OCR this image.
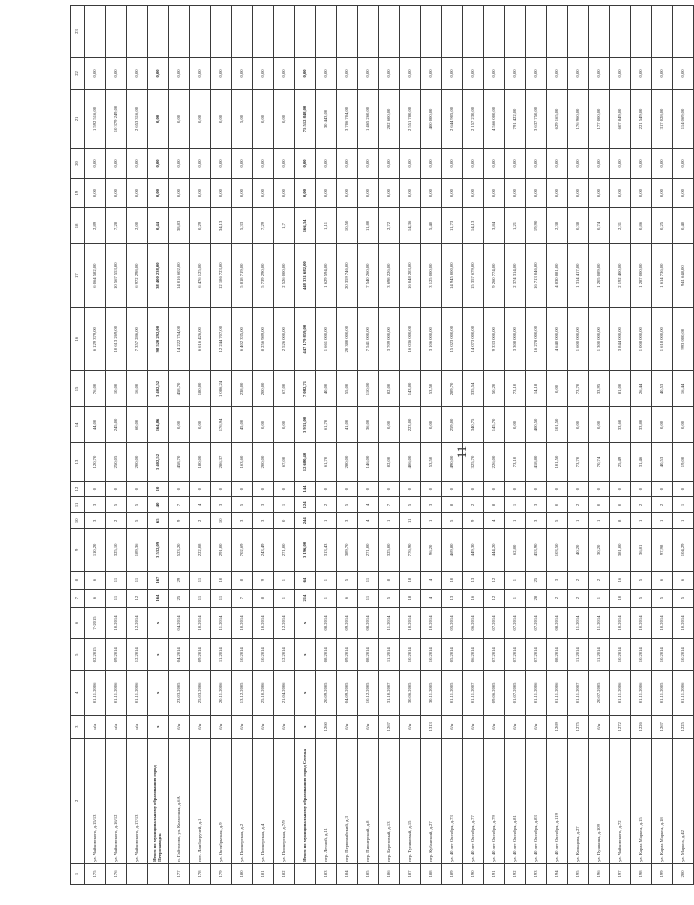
11
1	2	3	4	5	6	7	8	9	10	11	12	13	14	15	16	17	18	19	20	21	22	23
175	ул. Чайковского, д.15/13	н/а	01.11.2006	02.2015	7-2015	6	6	110,20	3	3	0	120,70	44,00	76,00	6 129 379,00	6 064 582,00	2,89	0,00	0,00	1 592 516,00	0,00	
176	ул. Чайковского, д.16/12	н/а	01.11.2006	09.2014	10.2014	11	11	325,10	2	5	0	250,05	245,00	10,00	10 613 269,00	10 567 553,00	7,28	0,00	0,00	10 379 249,00	0,00	
	ул. Чайковского, д.17/13	н/а	01.11.2006	12.2014	12.2014	12	11	189,36	5	5	0	200,00	60,00	16,00	7 357 286,00	6 972 298,00	2,00	0,00	0,00	2 653 316,00	0,00	
	Итого по муниципальному образованию город Петрозаводск	x	x	x	x	164	167	3 532,09	65	40	10	3 402,52	164,86	3 402,52	98 520 292,00	38 400 238,00	0,44	0,00	0,00	0,00	0,00	
177	п. Гайтолово, ул. Колхозная, д.6А	б/н	23.03.2005	04.2014	04.2014	25	29	523,20	9	7	0	458,70	0,00	458,70	14 222 754,00	14 016 602,00	38,83	0,00	0,00	0,00	0,00	
178	пос. Ламбасручей, д.1	б/н	25.03.2006	09.2014	10.2014	11	11	222,08	2	4	0	180,00	0,00	180,00	6 616 426,00	6 476 125,00	0,29	0,00	0,00	0,00	0,00	
179	ул. Октябрьская, д.9	б/н	20.11.2006	11.2014	11.2014	11	10	291,00	10	3	0	286,37	176,94	1 086,24	12 244 707,00	12 186 723,00	34,13	0,00	0,00	0,00	0,00	
180	ул. Пионерская, д.2	б/н	13.12.2005	10.2014	10.2014	7	8	702,69	3	5	0	163,60	45,00	238,00	6 402 335,00	5 818 719,00	5,33	0,00	0,00	5,00	0,00	
181	ул. Пионерская, д.4	б/н	25.10.2006	10.2014	10.2014	8	9	243,49	3	3	0	200,00	0,00	200,00	8 256 989,00	5 739 290,00	7,29	0,00	0,00	0,00	0,00	
182	ул. Пионерская, д.7/9	б/н	21.04.2006	12.2014	12.2014	1	1	271,00	0	1	0	67,00	0,00	67,00	2 526 000,00	2 526 000,00	1,7	0,00	0,00	0,00	0,00	
	Итого по муниципальному образованию город Сегежа	x	x	x	x	214	64	3 196,00	244	124	144	12 680,40	3 931,00	7 082,71	447 179 859,00	448 331 682,00	166,34	0,00	0,00	75 512 848,00	0,00	
183	пер. Лесной, д.11	1260	20.09.2005	08.2014	08.2014	1	1	313,43	1	2	0	61,70	61,70	40,00	1 661 000,00	1 629 594,00	1,11	0,00	0,00	30 443,00	0,00	
184	пер. Первомайский, д.3	б/н	04.09.2005	09.2014	09.2014	6	5	389,70	3	5	0	280,00	41,00	55,00	20 380 000,00	20 359 746,00	10,50	0,00	0,00	3 706 704,00	0,00	
185	пер. Пионерский, д.8	б/н	10.12.2005	08.2014	08.2014	11	11	271,00	4	4	0	146,00	36,00	110,00	7 541 000,00	7 540 260,00	11,80	0,00	0,00	1 465 260,00	0,00	
186	пер. Березовый, д.13	1267	31.10.2007	11.2014	11.2014	5	8	325,00	1	7	0	82,00	0,00	82,00	3 709 000,00	3 698 226,00	2,72	0,00	0,00	282 600,00	0,00	
187	пер. Тупиковый, д.15	б/н	30.06.2005	10.2014	10.2014	18	18	776,90	11	5	0	406,00	223,00	143,00	16 036 000,00	16 048 283,00	14,36	0,00	0,00	2 551 780,00	0,00	
188	пер. Кубанский, д.27	1313	30.11.2005	10.2014	10.2014	4	4	96,20	1	3	0	53,50	0,00	53,50	3 106 000,00	3 125 000,00	5,40	0,00	0,00	400 000,00	0,00	
189	ул. 40 лет Октября, д.73	б/н	01.11.2005	05.2014	05.2014	13	10	469,80	5	8	0	490,00	259,00	289,70	15 023 000,00	14 945 000,00	11,73	0,00	0,00	2 644 905,00	0,00	
190	ул. 40 лет Октября, д.77	б/н	01.11.2007	06.2014	06.2014	16	13	449,30	9	2	0	325,70	340,75	335,54	14 073 000,00	15 357 679,00	14,13	0,00	0,00	2 157 230,00	0,00	
191	ул. 40 лет Октября, д.79	б/н	09.06.2005	07.2014	07.2014	12	12	444,20	4	8	0	226,00	145,70	50,20	9 333 000,00	9 260 774,00	3,84	0,00	0,00	4 566 000,00	0,00	
192	ул. 40 лет Октября, д.81	б/н	01.07.2005	07.2014	07.2014	1	1	62,80	1	1	0	73,10	0,00	73,10	3 308 000,00	2 374 314,00	1,21	0,00	0,00	791 422,00	0,00	
193	ул. 40 лет Октября, д.83	б/н	01.11.2006	07.2014	07.2014	28	25	453,90	3	3	0	418,80	400,50	14,18	16 278 000,00	16 713 046,00	19,90	0,00	0,00	3 637 750,00	0,00	
194	ул. 40 лет Октября, д.119	1269	01.11.2006	08.2014	08.2014	2	3	103,50	5	0	0	101,50	101,50	0,00	4 640 000,00	4 830 881,00	2,38	0,00	0,00	629 165,00	0,00	
195	ул. Кольцова, д.27	1275	01.11.2007	11.2014	11.2014	2	2	40,20	1	2	0	73,70	0,00	73,70	1 600 000,00	1 314 417,00	0,38	0,00	0,00	176 960,00	0,00	
196	ул. Пушкина, д.109	б/н	20.07.2005	11.2014	11.2014	1	2	30,20	1	0	0	70,74	0,00	33,95	1 300 000,00	1 205 089,00	0,74	0,00	0,00	177 000,00	0,00	
197	ул. Чайковского, д.72	1272	01.11.2006	10.2014	10.2014	10	16	381,00	8	0	0	25,49	33,60	81,00	3 844 000,00	2 192 400,00	2,31	0,00	0,00	607 849,00	0,00	
198	ул. Карла Маркса, д.15	1226	01.11.2006	10.2014	10.2014	5	5	36,81	1	2	0	31,46	33,80	26,44	1 008 000,00	1 287 000,00	0,86	0,00	0,00	221 549,00	0,00	
199	ул. Карла Маркса, д.18	1267	01.11.2005	10.2014	10.2014	5	6	97,98	1	2	0	40,53	0,00	40,53	1 618 000,00	1 614 736,00	0,25	0,00	0,00	317 028,00	0,00	
200	ул. Маркса, д.42	1225	01.11.2006	10.2014	10.2014	5	6	104,29	1	1	0	19,00	0,00	16,44	993 000,00	941 648,00	0,40	0,00	0,00	114 069,00	0,00	
